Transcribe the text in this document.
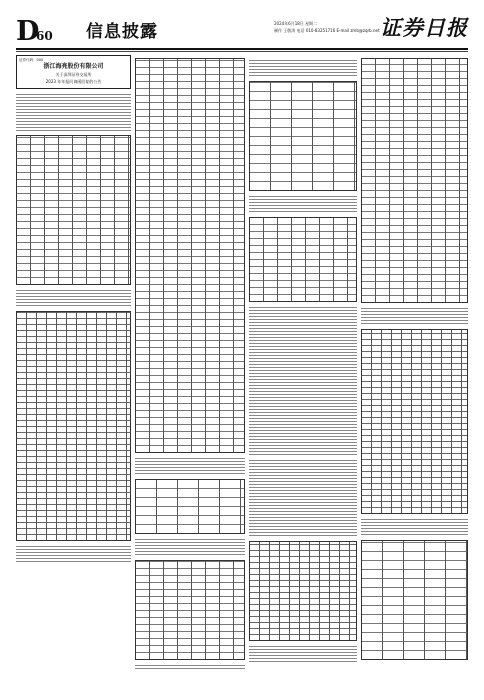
D
60 信息披露	2024年6月18日 星期二
制作 王敬涛 电话 010-83251716 E-mail zmb@zqrb.net 证券日报
证券代码：000
浙江海亮股份有限公司
关于深圳证券交易所
2023 年年报问询函回复的公告
